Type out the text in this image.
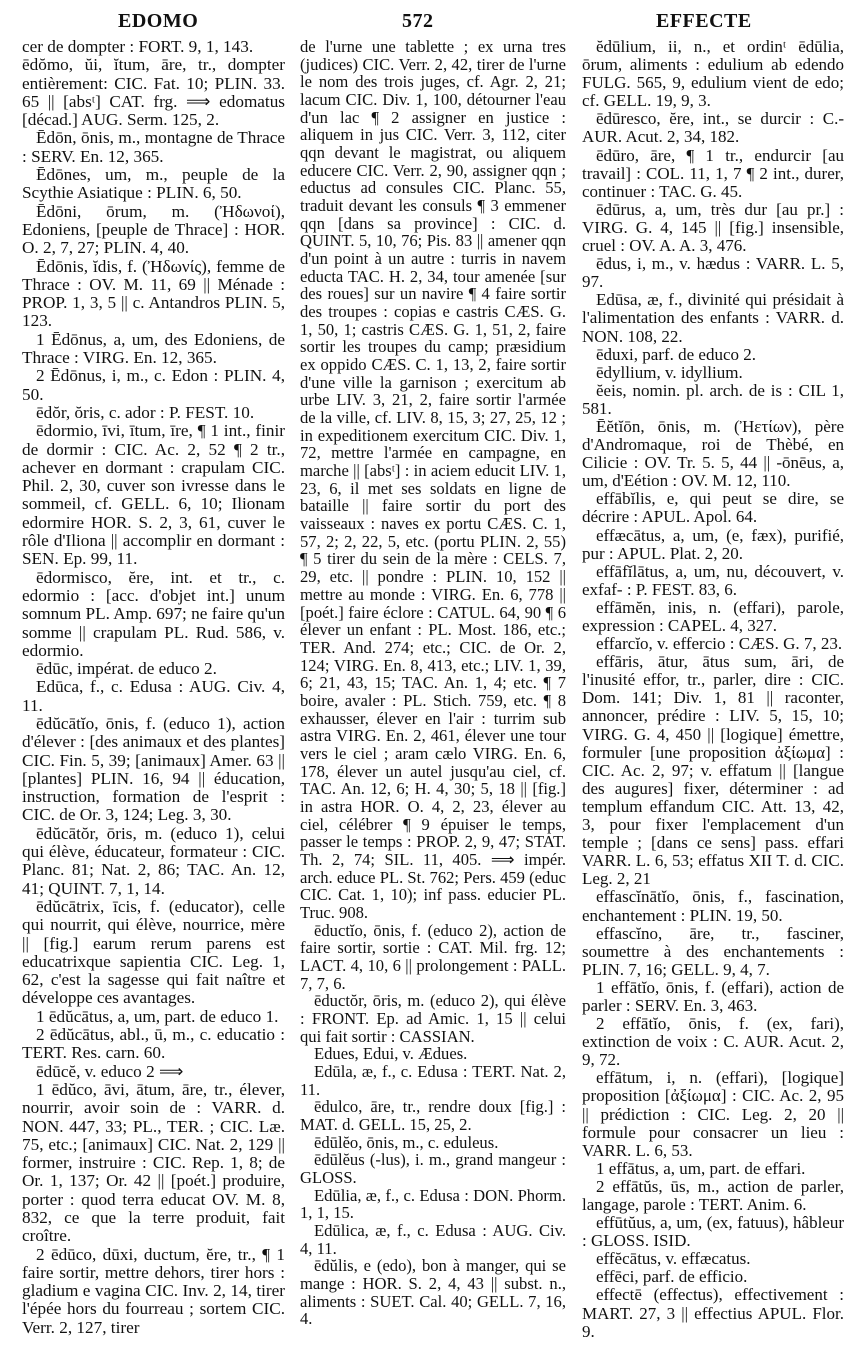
EDOMO	572	EFFECTE

cer de dompter : FORT. 9, 1, 143.

ēdŏmo, ŭi, ĭtum, āre, tr., dompter entièrement: CIC. Fat. 10; PLIN. 33. 65 || [absᵗ] CAT. frg. ⟹ edomatus [décad.] AUG. Serm. 125, 2.

Ēdōn, ōnis, m., montagne de Thrace : SERV. En. 12, 365.

Ēdōnes, um, m., peuple de la Scythie Asiatique : PLIN. 6, 50.

Ēdōni, ōrum, m. (Ἠδωνοί), Edoniens, [peuple de Thrace] : HOR. O. 2, 7, 27; PLIN. 4, 40.

Ēdōnis, ĭdis, f. (Ἠδωνίς), femme de Thrace : OV. M. 11, 69 || Ménade : PROP. 1, 3, 5 || c. Antandros PLIN. 5, 123.

1 Ēdōnus, a, um, des Edoniens, de Thrace : VIRG. En. 12, 365.

2 Ēdōnus, i, m., c. Edon : PLIN. 4, 50.

ēdŏr, ŏris, c. ador : P. FEST. 10.

ēdormio, īvi, ītum, īre, ¶ 1 int., finir de dormir : CIC. Ac. 2, 52 ¶ 2 tr., achever en dormant : crapulam CIC. Phil. 2, 30, cuver son ivresse dans le sommeil, cf. GELL. 6, 10; Ilionam edormire HOR. S. 2, 3, 61, cuver le rôle d'Iliona || accomplir en dormant : SEN. Ep. 99, 11.

ēdormisco, ĕre, int. et tr., c. edormio : [acc. d'objet int.] unum somnum PL. Amp. 697; ne faire qu'un somme || crapulam PL. Rud. 586, v. edormio.

ēdūc, impérat. de educo 2.

Edūca, f., c. Edusa : AUG. Civ. 4, 11.

ēdŭcātĭo, ōnis, f. (educo 1), action d'élever : [des animaux et des plantes] CIC. Fin. 5, 39; [animaux] Amer. 63 || [plantes] PLIN. 16, 94 || éducation, instruction, formation de l'esprit : CIC. de Or. 3, 124; Leg. 3, 30.

ēdŭcātŏr, ōris, m. (educo 1), celui qui élève, éducateur, formateur : CIC. Planc. 81; Nat. 2, 86; TAC. An. 12, 41; QUINT. 7, 1, 14.

ēdŭcātrix, īcis, f. (educator), celle qui nourrit, qui élève, nourrice, mère || [fig.] earum rerum parens est educatrixque sapientia CIC. Leg. 1, 62, c'est la sagesse qui fait naître et développe ces avantages.

1 ēdŭcātus, a, um, part. de educo 1.

2 ēdŭcātus, abl., ū, m., c. educatio : TERT. Res. carn. 60.

ēdūcĕ, v. educo 2 ⟹

1 ēdŭco, āvi, ātum, āre, tr., élever, nourrir, avoir soin de : VARR. d. NON. 447, 33; PL., TER. ; CIC. Læ. 75, etc.; [animaux] CIC. Nat. 2, 129 || former, instruire : CIC. Rep. 1, 8; de Or. 1, 137; Or. 42 || [poét.] produire, porter : quod terra educat OV. M. 8, 832, ce que la terre produit, fait croître.

2 ēdūco, dūxi, ductum, ĕre, tr., ¶ 1 faire sortir, mettre dehors, tirer hors : gladium e vagina CIC. Inv. 2, 14, tirer l'épée hors du fourreau ; sortem CIC. Verr. 2, 127, tirer

de l'urne une tablette ; ex urna tres (judices) CIC. Verr. 2, 42, tirer de l'urne le nom des trois juges, cf. Agr. 2, 21; lacum CIC. Div. 1, 100, détourner l'eau d'un lac ¶ 2 assigner en justice : aliquem in jus CIC. Verr. 3, 112, citer qqn devant le magistrat, ou aliquem educere CIC. Verr. 2, 90, assigner qqn ; eductus ad consules CIC. Planc. 55, traduit devant les consuls ¶ 3 emmener qqn [dans sa province] : CIC. d. QUINT. 5, 10, 76; Pis. 83 || amener qqn d'un point à un autre : turris in navem educta TAC. H. 2, 34, tour amenée [sur des roues] sur un navire ¶ 4 faire sortir des troupes : copias e castris CÆS. G. 1, 50, 1; castris CÆS. G. 1, 51, 2, faire sortir les troupes du camp; præsidium ex oppido CÆS. C. 1, 13, 2, faire sortir d'une ville la garnison ; exercitum ab urbe LIV. 3, 21, 2, faire sortir l'armée de la ville, cf. LIV. 8, 15, 3; 27, 25, 12 ; in expeditionem exercitum CIC. Div. 1, 72, mettre l'armée en campagne, en marche || [absᵗ] : in aciem educit LIV. 1, 23, 6, il met ses soldats en ligne de bataille || faire sortir du port des vaisseaux : naves ex portu CÆS. C. 1, 57, 2; 2, 22, 5, etc. (portu PLIN. 2, 55) ¶ 5 tirer du sein de la mère : CELS. 7, 29, etc. || pondre : PLIN. 10, 152 || mettre au monde : VIRG. En. 6, 778 || [poét.] faire éclore : CATUL. 64, 90 ¶ 6 élever un enfant : PL. Most. 186, etc.; TER. And. 274; etc.; CIC. de Or. 2, 124; VIRG. En. 8, 413, etc.; LIV. 1, 39, 6; 21, 43, 15; TAC. An. 1, 4; etc. ¶ 7 boire, avaler : PL. Stich. 759, etc. ¶ 8 exhausser, élever en l'air : turrim sub astra VIRG. En. 2, 461, élever une tour vers le ciel ; aram cælo VIRG. En. 6, 178, élever un autel jusqu'au ciel, cf. TAC. An. 12, 6; H. 4, 30; 5, 18 || [fig.] in astra HOR. O. 4, 2, 23, élever au ciel, célébrer ¶ 9 épuiser le temps, passer le temps : PROP. 2, 9, 47; STAT. Th. 2, 74; SIL. 11, 405. ⟹ impér. arch. educe PL. St. 762; Pers. 459 (educ CIC. Cat. 1, 10); inf pass. educier PL. Truc. 908.

ēductĭo, ōnis, f. (educo 2), action de faire sortir, sortie : CAT. Mil. frg. 12; LACT. 4, 10, 6 || prolongement : PALL. 7, 7, 6.

ēductŏr, ōris, m. (educo 2), qui élève : FRONT. Ep. ad Amic. 1, 15 || celui qui fait sortir : CASSIAN.

Edues, Edui, v. Ædues.

Edūla, æ, f., c. Edusa : TERT. Nat. 2, 11.

ēdulco, āre, tr., rendre doux [fig.] : MAT. d. GELL. 15, 25, 2.

ēdūlĕo, ōnis, m., c. eduleus.

ēdūlĕus (-lus), i. m., grand mangeur : GLOSS.

Edūlia, æ, f., c. Edusa : DON. Phorm. 1, 1, 15.

Edūlica, æ, f., c. Edusa : AUG. Civ. 4, 11.

ēdŭlis, e (edo), bon à manger, qui se mange : HOR. S. 2, 4, 43 || subst. n., aliments : SUET. Cal. 40; GELL. 7, 16, 4.

ĕdūlium, ii, n., et ordinᵗ ēdūlia, ōrum, aliments : edulium ab edendo FULG. 565, 9, edulium vient de edo; cf. GELL. 19, 9, 3.

ēdūresco, ĕre, int., se durcir : C.-AUR. Acut. 2, 34, 182.

ēdūro, āre, ¶ 1 tr., endurcir [au travail] : COL. 11, 1, 7 ¶ 2 int., durer, continuer : TAC. G. 45.

ēdūrus, a, um, très dur [au pr.] : VIRG. G. 4, 145 || [fig.] insensible, cruel : OV. A. A. 3, 476.

ēdus, i, m., v. hædus : VARR. L. 5, 97.

Edūsa, æ, f., divinité qui présidait à l'alimentation des enfants : VARR. d. NON. 108, 22.

ēduxi, parf. de educo 2.

ēdyllium, v. idyllium.

ĕeis, nomin. pl. arch. de is : CIL 1, 581.

Ēĕtĭōn, ōnis, m. (Ἠετίων), père d'Andromaque, roi de Thèbé, en Cilicie : OV. Tr. 5. 5, 44 || -ōnēus, a, um, d'Eétion : OV. M. 12, 110.

effābĭlis, e, qui peut se dire, se décrire : APUL. Apol. 64.

effæcātus, a, um, (e, fæx), purifié, pur : APUL. Plat. 2, 20.

effāfĭlātus, a, um, nu, découvert, v. exfaf- : P. FEST. 83, 6.

effāmĕn, inis, n. (effari), parole, expression : CAPEL. 4, 327.

effarcĭo, v. effercio : CÆS. G. 7, 23.

effāris, ātur, ātus sum, āri, de l'inusité effor, tr., parler, dire : CIC. Dom. 141; Div. 1, 81 || raconter, annoncer, prédire : LIV. 5, 15, 10; VIRG. G. 4, 450 || [logique] émettre, formuler [une proposition ἀξίωμα] : CIC. Ac. 2, 97; v. effatum || [langue des augures] fixer, déterminer : ad templum effandum CIC. Att. 13, 42, 3, pour fixer l'emplacement d'un temple ; [dans ce sens] pass. effari VARR. L. 6, 53; effatus XII T. d. CIC. Leg. 2, 21

effascĭnātĭo, ōnis, f., fascination, enchantement : PLIN. 19, 50.

effascĭno, āre, tr., fasciner, soumettre à des enchantements : PLIN. 7, 16; GELL. 9, 4, 7.

1 effātĭo, ōnis, f. (effari), action de parler : SERV. En. 3, 463.

2 effātĭo, ōnis, f. (ex, fari), extinction de voix : C. AUR. Acut. 2, 9, 72.

effātum, i, n. (effari), [logique] proposition [ἀξίωμα] : CIC. Ac. 2, 95 || prédiction : CIC. Leg. 2, 20 || formule pour consacrer un lieu : VARR. L. 6, 53.

1 effātus, a, um, part. de effari.

2 effātŭs, ūs, m., action de parler, langage, parole : TERT. Anim. 6.

effūtŭus, a, um, (ex, fatuus), hâbleur : GLOSS. ISID.

effĕcātus, v. effæcatus.

effēci, parf. de efficio.

effectē (effectus), effectivement : MART. 27, 3 || effectius APUL. Flor. 9.
